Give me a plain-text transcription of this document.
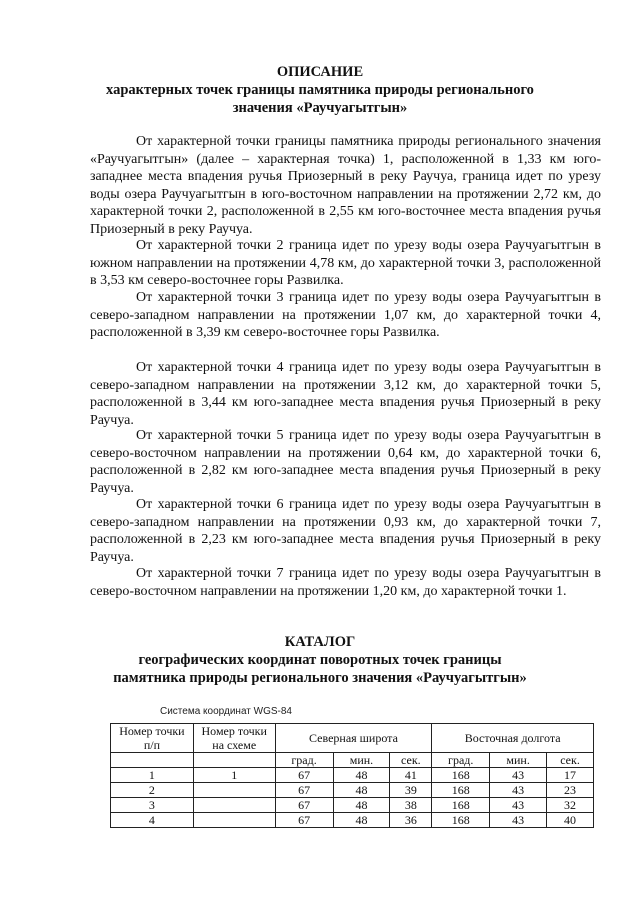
ОПИСАНИЕ

характерных точек границы памятника природы регионального

значения «Раучуагытгын»

От характерной точки границы памятника природы регионального значения «Раучуагытгын» (далее – характерная точка) 1, расположенной в 1,33 км юго-западнее места впадения ручья Приозерный в реку Раучуа, граница идет по урезу воды озера Раучуагытгын в юго-восточном направлении на протяжении 2,72 км, до характерной точки 2, расположенной в 2,55 км юго-восточнее места впадения ручья Приозерный в реку Раучуа.

От характерной точки 2 граница идет по урезу воды озера Раучуагытгын в южном направлении на протяжении 4,78 км, до характерной точки 3, расположенной в 3,53 км северо-восточнее горы Развилка.

От характерной точки 3 граница идет по урезу воды озера Раучуагытгын в северо-западном направлении на протяжении 1,07 км, до характерной точки 4, расположенной в 3,39 км северо-восточнее горы Развилка.

От характерной точки 4 граница идет по урезу воды озера Раучуагытгын в северо-западном направлении на протяжении 3,12 км, до характерной точки 5, расположенной в 3,44 км юго-западнее места впадения ручья Приозерный в реку Раучуа.

От характерной точки 5 граница идет по урезу воды озера Раучуагытгын в северо-восточном направлении на протяжении 0,64 км, до характерной точки 6, расположенной в 2,82 км юго-западнее места впадения ручья Приозерный в реку Раучуа.

От характерной точки 6 граница идет по урезу воды озера Раучуагытгын в северо-западном направлении на протяжении 0,93 км, до характерной точки 7, расположенной в 2,23 км юго-западнее места впадения ручья Приозерный в реку Раучуа.

От характерной точки 7 граница идет по урезу воды озера Раучуагытгын в северо-восточном направлении на протяжении 1,20 км, до характерной точки 1.

КАТАЛОГ

географических координат поворотных точек границы

памятника природы регионального значения «Раучуагытгын»

Система координат WGS-84
Номер точки п/п	Номер точки на схеме	Северная широта			Восточная долгота		

		град.	мин.	сек.	град.	мин.	сек.
1	1	67	48	41	168	43	17
2		67	48	39	168	43	23
3		67	48	38	168	43	32
4		67	48	36	168	43	40
